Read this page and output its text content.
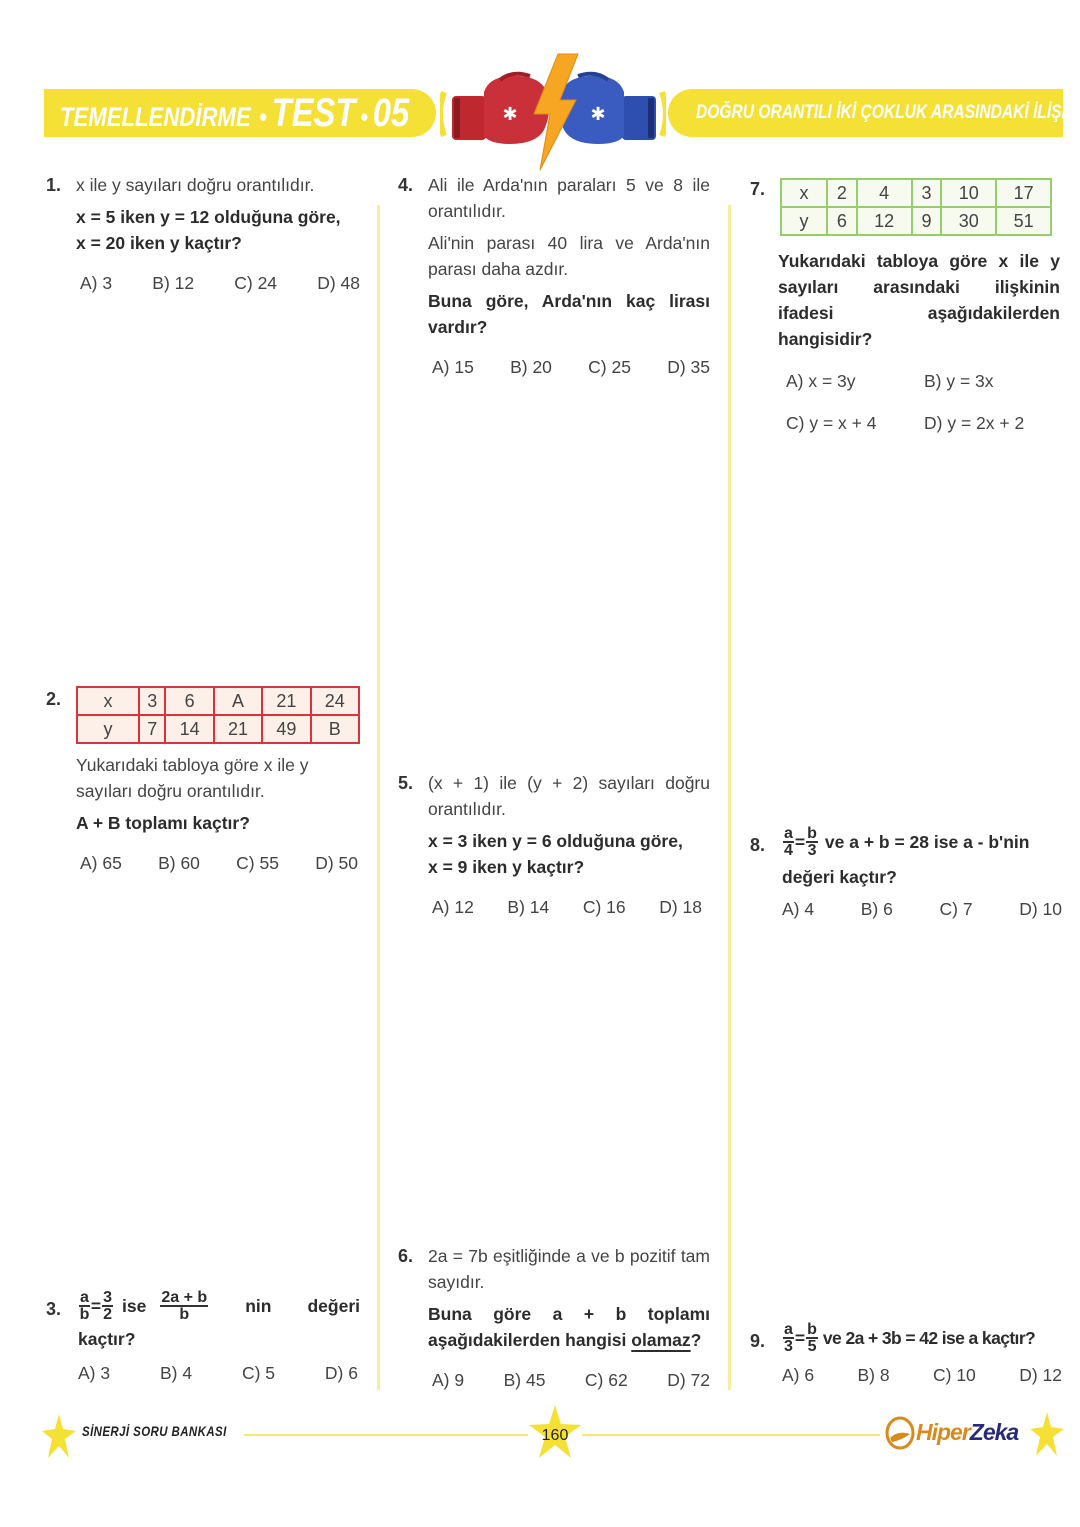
TEMELLENDİRME • TEST • 05	✱	✱	DOĞRU ORANTILI İKİ ÇOKLUK ARASINDAKİ İLİŞKİ
1. x ile y sayıları doğru orantılıdır.
x = 5 iken y = 12 olduğuna göre,
x = 20 iken y kaçtır?
A) 3 B) 12 C) 24 D) 48
2. x	3	6	A	21	24
y	7	14	21	49	B
Yukarıdaki tabloya göre x ile y sayıları doğru orantılıdır.
A + B toplamı kaçtır?
A) 65 B) 60 C) 55 D) 50
3. $\frac{a}{b} = \frac{3}{2}$ ise $\frac{2a + b}{b}$ nin değeri
kaçtır?
A) 3	B) 4	C) 5	D) 6
4. Ali ile Arda'nın paraları 5 ve 8 ile orantılıdır.
Ali'nin parası 40 lira ve Arda'nın parası daha azdır.
Buna göre, Arda'nın kaç lirası vardır?
A) 15 B) 20 C) 25 D) 35
5. (x + 1) ile (y + 2) sayıları doğru orantılıdır.
x = 3 iken y = 6 olduğuna göre,
x = 9 iken y kaçtır?
A) 12 B) 14 C) 16 D) 18
6. 2a = 7b eşitliğinde a ve b pozitif tam sayıdır.
Buna göre a + b toplamı aşağıdakilerden hangisi olamaz?
A) 9 B) 45 C) 62 D) 72
7. x	2	4	3	10	17
y	6	12	9	30	51
Yukarıdaki tabloya göre x ile y sayıları arasındaki ilişkinin ifadesi aşağıdakilerden hangisidir?
A) x = 3y	B) y = 3x
C) y = x + 4	D) y = 2x + 2
8. $\frac{a}{4} = \frac{b}{3}$ ve a + b = 28 ise a - b'nin
değeri kaçtır?
A) 4	B) 6	C) 7	D) 10
9. $\frac{a}{3} = \frac{b}{5}$ ve 2a + 3b = 42 ise a kaçtır?
A) 6 B) 8 C) 10 D) 12
SİNERJİ SORU BANKASI	160	Hiper Zeka
